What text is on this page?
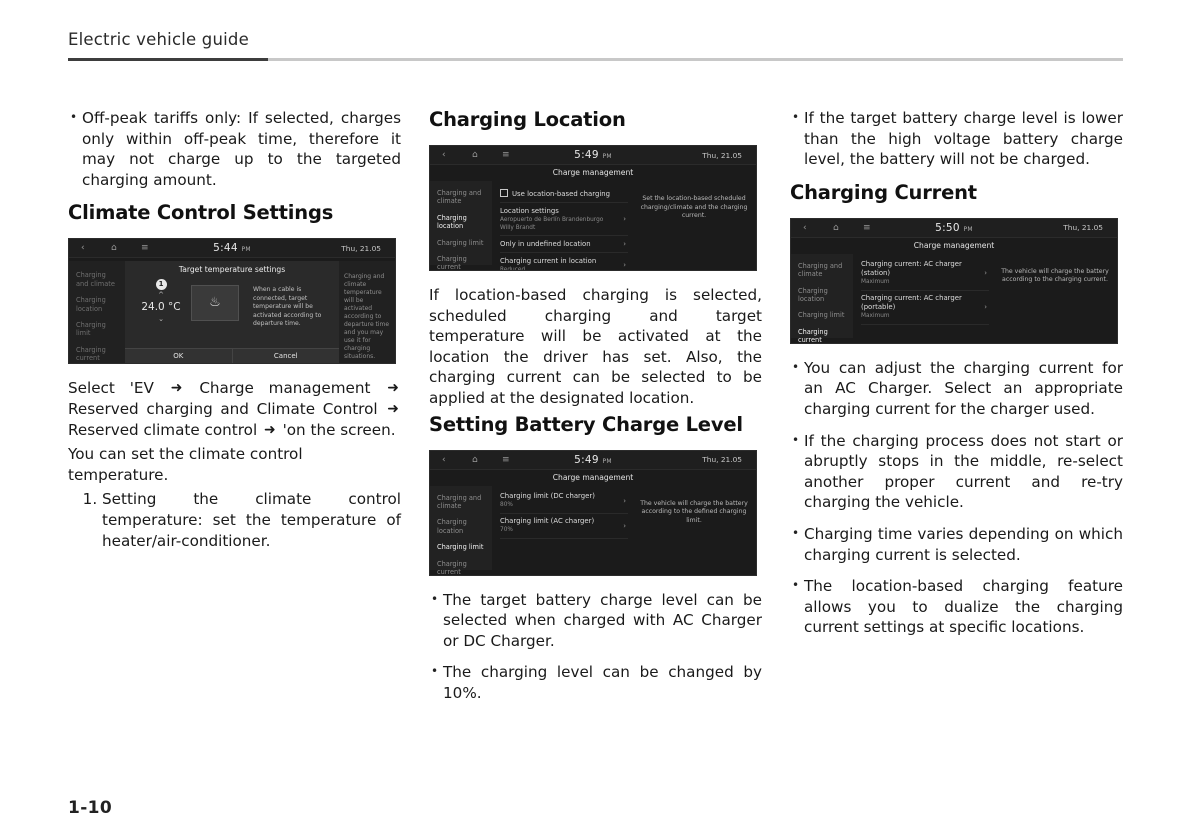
Electric vehicle guide
• Off-peak tariffs only: If selected, charges only within off-peak time, therefore it may not charge up to the targeted charging amount.
Climate Control Settings
‹	⌂	≡	5:44 PM	Thu, 21.05
Charging and climate
Charging location
Charging limit
Charging current
Charging and climate temperature will be activated according to departure time and you may use it for charging situations.
Target temperature settings
1
^
24.0 °C
⌄
♨
When a cable is connected, target temperature will be activated according to departure time.
OK	Cancel

Select 'EV ➜ Charge management ➜ Reserved charging and Climate Control ➜ Reserved climate control ➜ 'on the screen.

You can set the climate control temperature.

1. Setting the climate control temperature: set the temperature of heater/air-conditioner.
Charging Location
‹	⌂	≡	5:49 PM	Thu, 21.05
Charge management
Charging and climate
Charging location
Charging limit
Charging current
Use location-based charging
Location settings
Aeropuerto de Berlín Brandenburgo Willy Brandt
›
Only in undefined location	›
Charging current in location
Reduced
›
Set the location-based scheduled charging/climate and the charging current.

If location-based charging is selected, scheduled charging and target temperature will be activated at the location the driver has set. Also, the charging current can be selected to be applied at the designated location.

Setting Battery Charge Level
‹	⌂	≡	5:49 PM	Thu, 21.05
Charge management
Charging and climate
Charging location
Charging limit
Charging current
Charging limit (DC charger)
80%
›
Charging limit (AC charger)
70%
›
The vehicle will charge the battery according to the defined charging limit.
• The target battery charge level can be selected when charged with AC Charger or DC Charger.
• The charging level can be changed by 10%.
• If the target battery charge level is lower than the high voltage battery charge level, the battery will not be charged.
Charging Current
‹	⌂	≡	5:50 PM	Thu, 21.05
Charge management
Charging and climate
Charging location
Charging limit
Charging current
Charging current: AC charger (station)
Maximum
›
Charging current: AC charger (portable)
Maximum
›
The vehicle will charge the battery according to the charging current.
• You can adjust the charging current for an AC Charger. Select an appropriate charging current for the charger used.
• If the charging process does not start or abruptly stops in the middle, re-select another proper current and re-try charging the vehicle.
• Charging time varies depending on which charging current is selected.
• The location-based charging feature allows you to dualize the charging current settings at specific locations.
1-10
